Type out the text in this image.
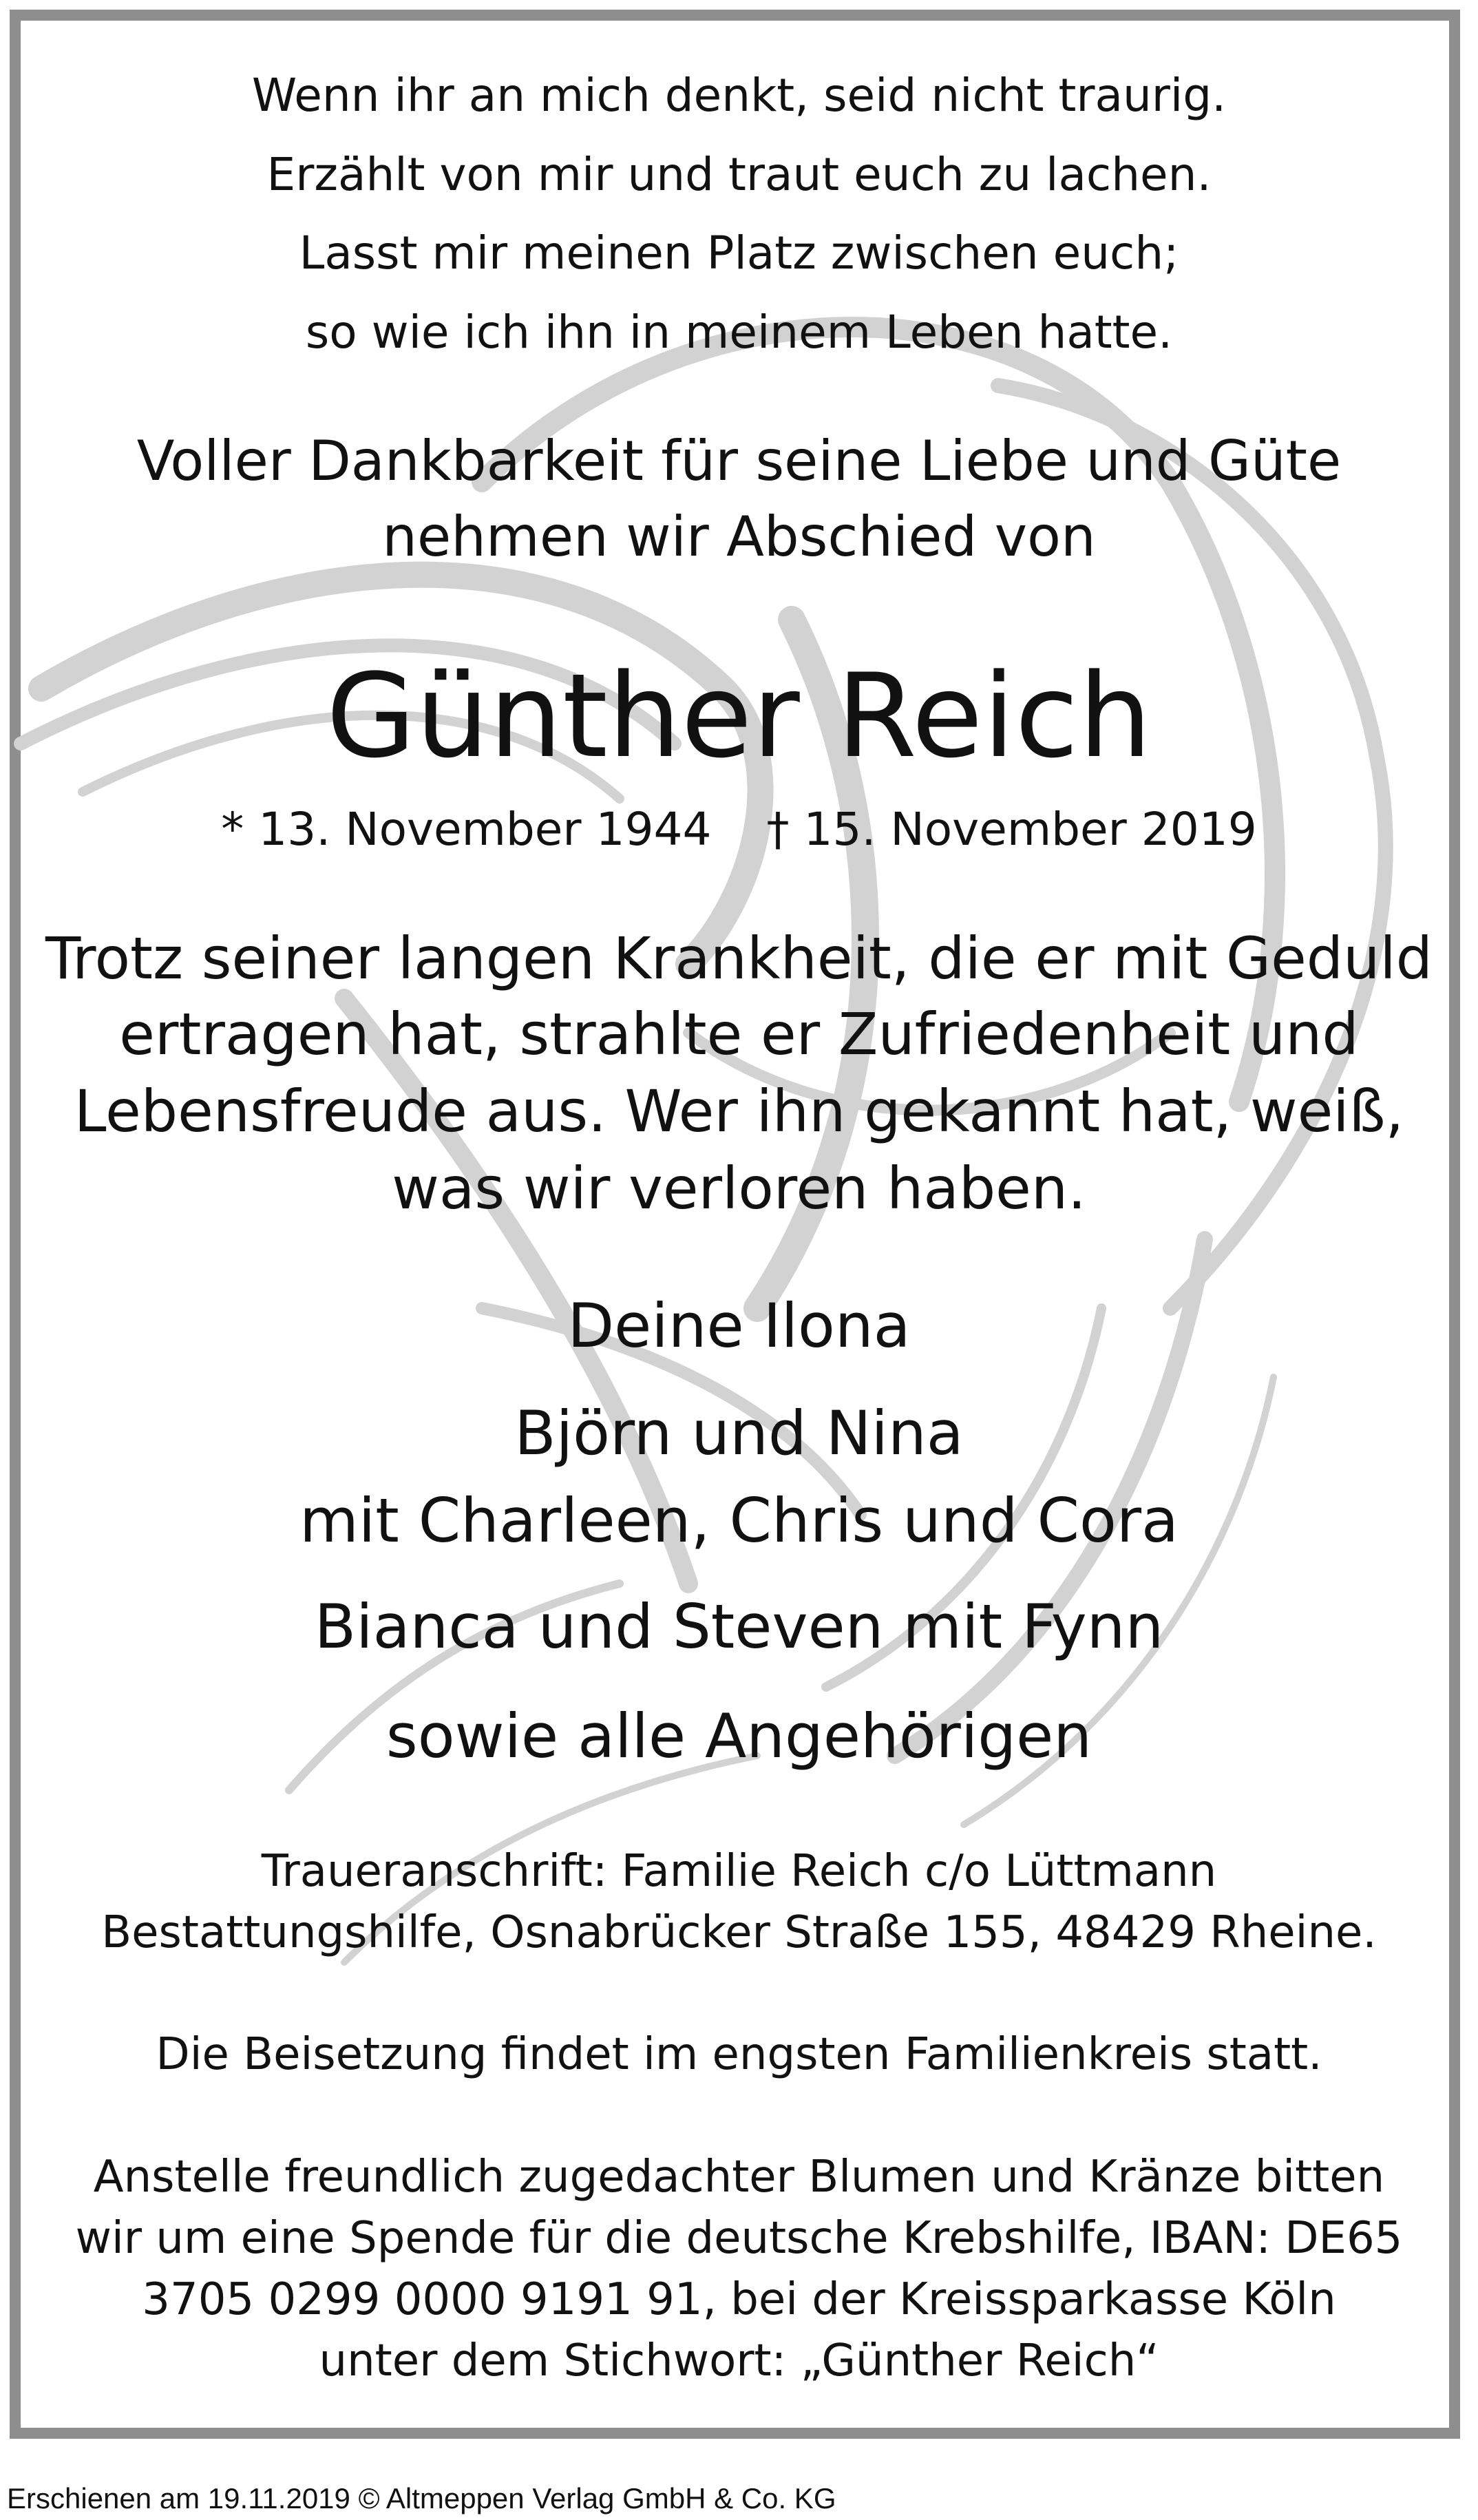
Wenn ihr an mich denkt, seid nicht traurig.
Erzählt von mir und traut euch zu lachen.
Lasst mir meinen Platz zwischen euch;
so wie ich ihn in meinem Leben hatte.
Voller Dankbarkeit für seine Liebe und Güte
nehmen wir Abschied von
Günther Reich
* 13. November 1944 † 15. November 2019
Trotz seiner langen Krankheit, die er mit Geduld
ertragen hat, strahlte er Zufriedenheit und
Lebensfreude aus. Wer ihn gekannt hat, weiß,
was wir verloren haben.
Deine Ilona
Björn und Nina
mit Charleen, Chris und Cora
Bianca und Steven mit Fynn
sowie alle Angehörigen
Traueranschrift: Familie Reich c/o Lüttmann
Bestattungshilfe, Osnabrücker Straße 155, 48429 Rheine.
Die Beisetzung findet im engsten Familienkreis statt.
Anstelle freundlich zugedachter Blumen und Kränze bitten
wir um eine Spende für die deutsche Krebshilfe, IBAN: DE65
3705 0299 0000 9191 91, bei der Kreissparkasse Köln
unter dem Stichwort: „Günther Reich“
Erschienen am 19.11.2019 © Altmeppen Verlag GmbH & Co. KG
